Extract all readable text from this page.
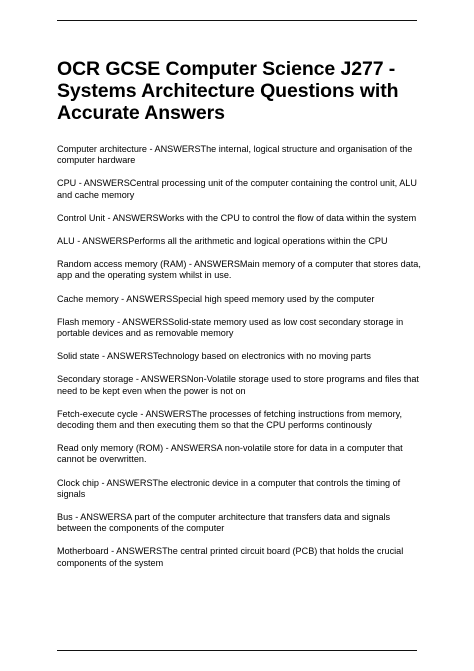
OCR GCSE Computer Science J277 - Systems Architecture Questions with Accurate Answers

Computer architecture - ANSWERSThe internal, logical structure and organisation of the computer hardware

CPU - ANSWERSCentral processing unit of the computer containing the control unit, ALU and cache memory

Control Unit - ANSWERSWorks with the CPU to control the flow of data within the system

ALU - ANSWERSPerforms all the arithmetic and logical operations within the CPU

Random access memory (RAM) - ANSWERSMain memory of a computer that stores data, app and the operating system whilst in use.

Cache memory - ANSWERSSpecial high speed memory used by the computer

Flash memory - ANSWERSSolid-state memory used as low cost secondary storage in portable devices and as removable memory

Solid state - ANSWERSTechnology based on electronics with no moving parts

Secondary storage - ANSWERSNon-Volatile storage used to store programs and files that need to be kept even when the power is not on

Fetch-execute cycle - ANSWERSThe processes of fetching instructions from memory, decoding them and then executing them so that the CPU performs continously

Read only memory (ROM) - ANSWERSA non-volatile store for data in a computer that cannot be overwritten.

Clock chip - ANSWERSThe electronic device in a computer that controls the timing of signals

Bus - ANSWERSA part of the computer architecture that transfers data and signals between the components of the computer

Motherboard - ANSWERSThe central printed circuit board (PCB) that holds the crucial components of the system
